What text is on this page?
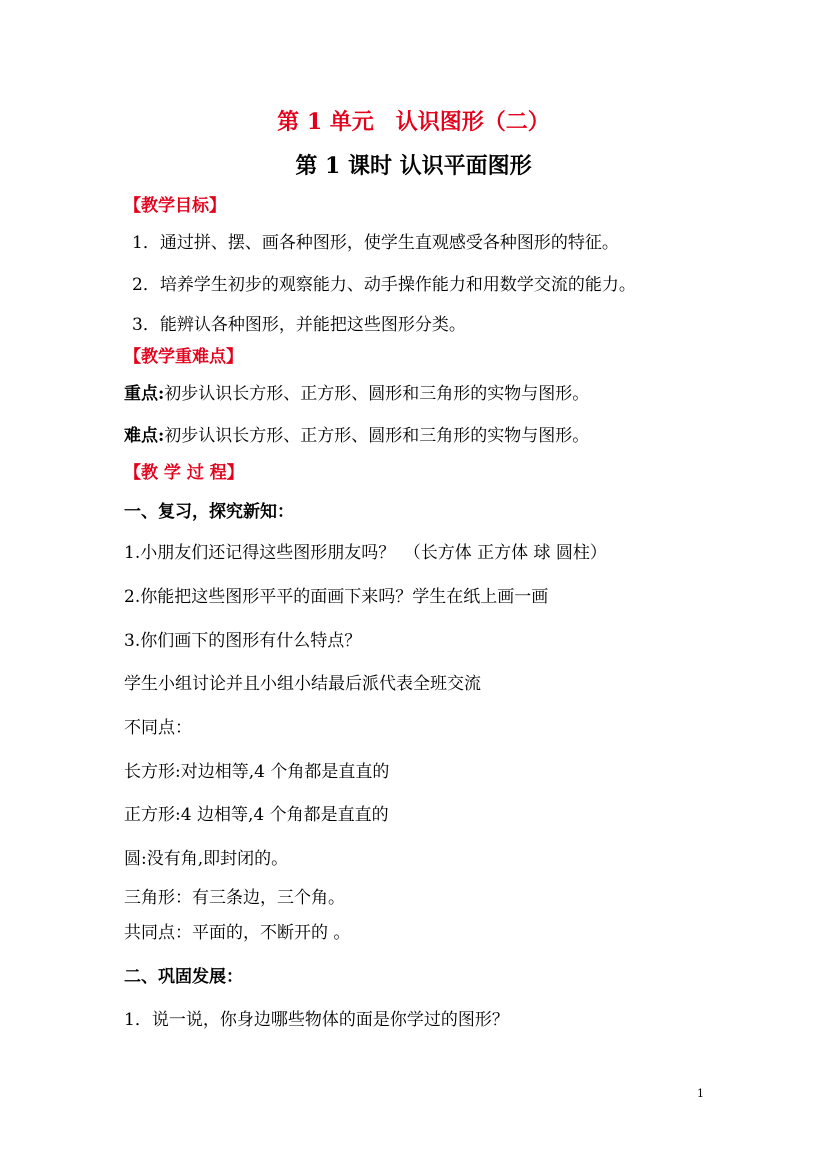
第 1 单元　认识图形（二）
第 1 课时 认识平面图形
【教学目标】
1．通过拼、摆、画各种图形，使学生直观感受各种图形的特征。
2．培养学生初步的观察能力、动手操作能力和用数学交流的能力。
3．能辨认各种图形，并能把这些图形分类。
【教学重难点】
重点:初步认识长方形、正方形、圆形和三角形的实物与图形。
难点:初步认识长方形、正方形、圆形和三角形的实物与图形。
【教 学 过 程】
一、复习，探究新知：
1.小朋友们还记得这些图形朋友吗？　（长方体 正方体 球 圆柱）
2.你能把这些图形平平的面画下来吗？学生在纸上画一画
3.你们画下的图形有什么特点？
学生小组讨论并且小组小结最后派代表全班交流
不同点：
长方形:对边相等,4 个角都是直直的
正方形:4 边相等,4 个角都是直直的
圆:没有角,即封闭的。
三角形：有三条边，三个角。
共同点：平面的，不断开的 。
二、巩固发展：
1．说一说，你身边哪些物体的面是你学过的图形？
1
